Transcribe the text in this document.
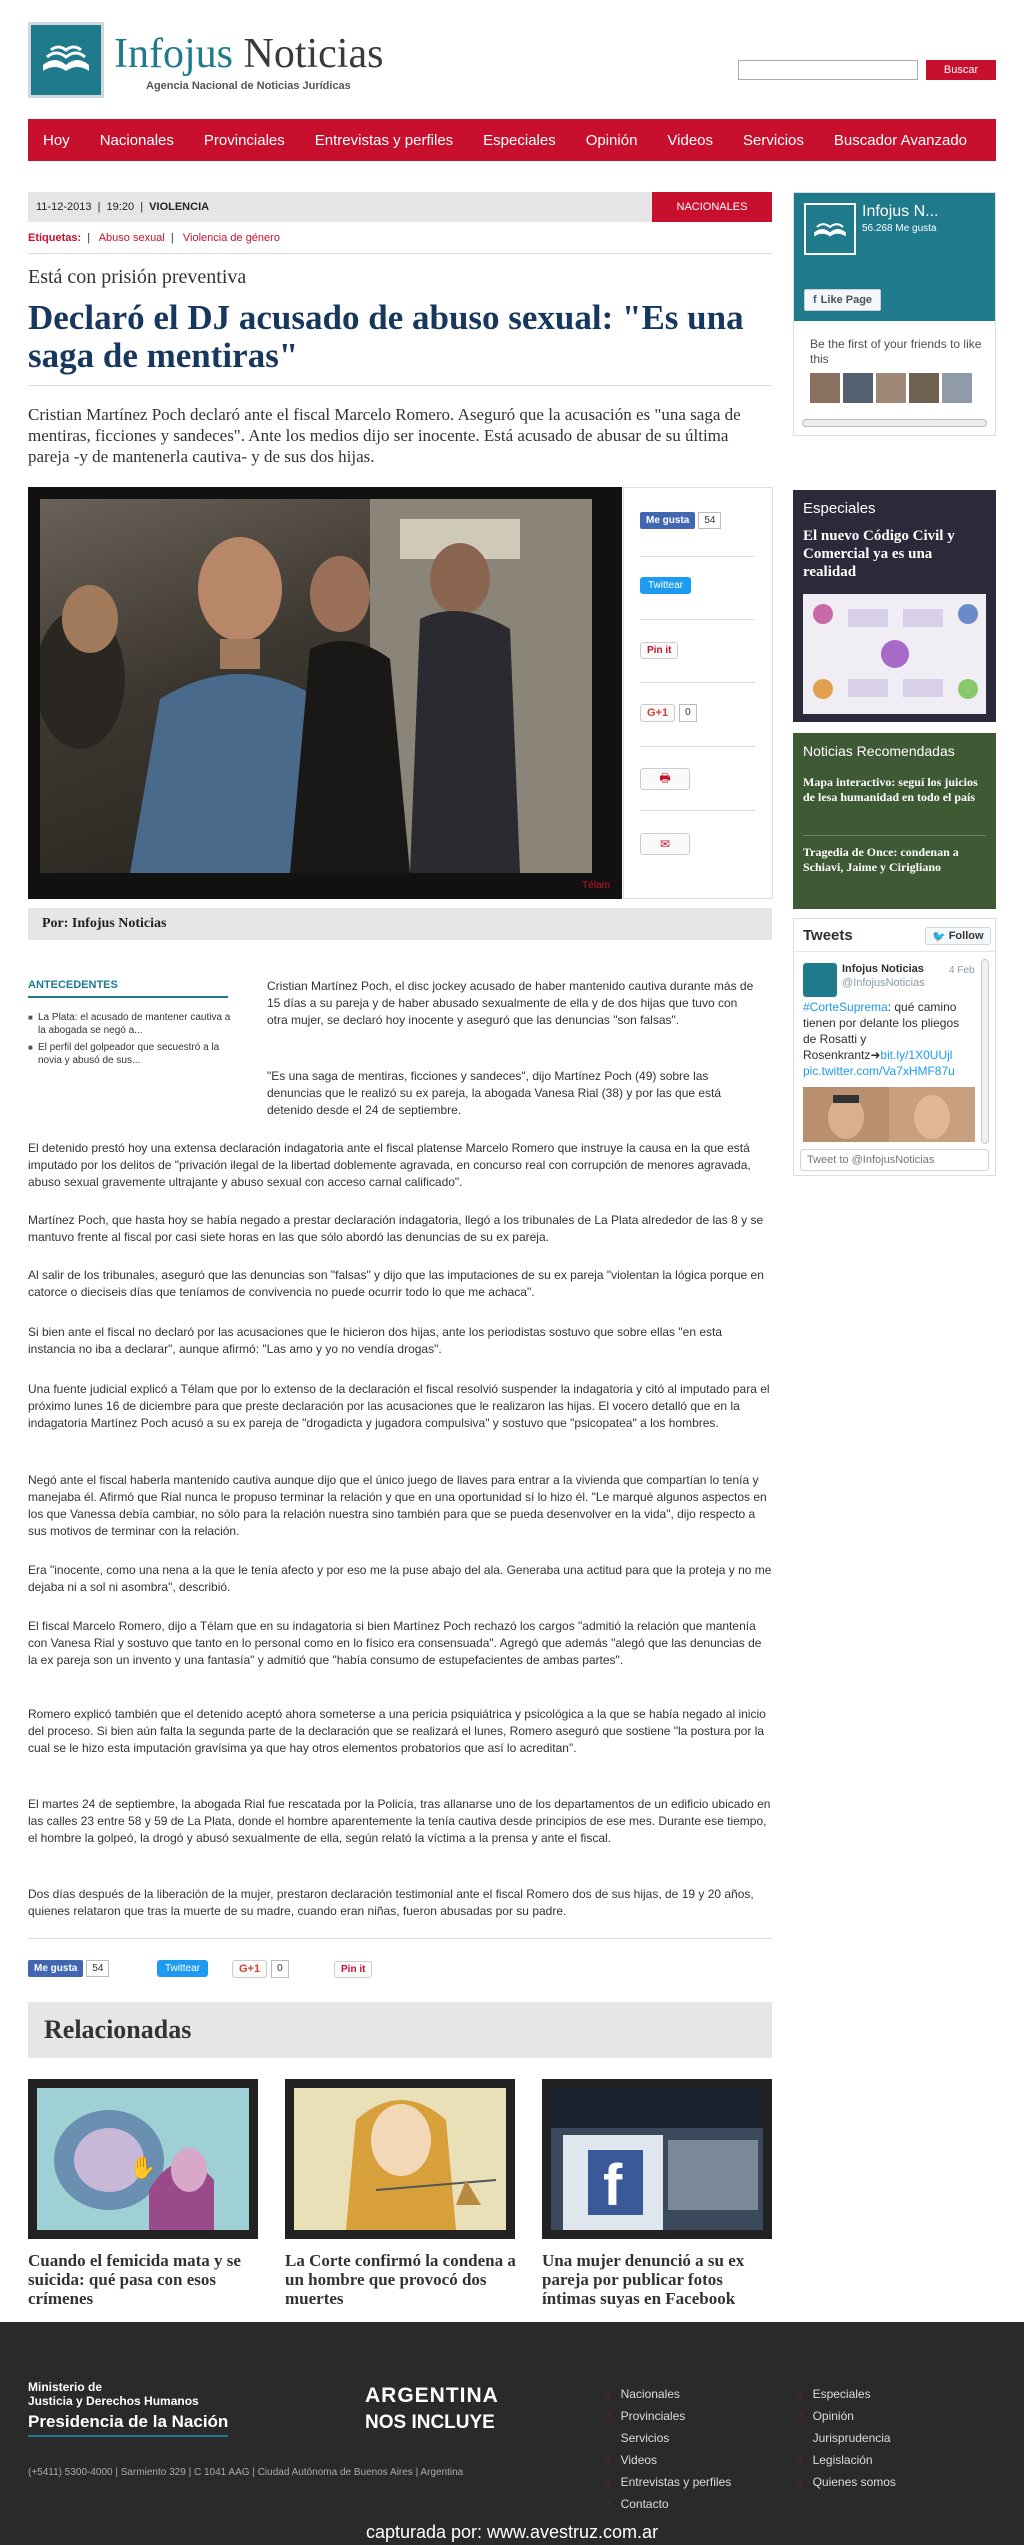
Infojus Noticias
Agencia Nacional de Noticias Jurídicas
Buscar
Hoy	Nacionales	Provinciales	Entrevistas y perfiles	Especiales	Opinión	Videos	Servicios	Buscador Avanzado
11-12-2013 | 19:20 | VIOLENCIA	NACIONALES
Etiquetas:  |   Abuso sexual  |   Violencia de género
Está con prisión preventiva
Declaró el DJ acusado de abuso sexual: "Es una saga de mentiras"

Cristian Martínez Poch declaró ante el fiscal Marcelo Romero. Aseguró que la acusación es "una saga de mentiras, ficciones y sandeces". Ante los medios dijo ser inocente. Está acusado de abusar de su última pareja -y de mantenerla cautiva- y de sus dos hijas.

Télam
Me gusta	54
Twittear
Pin it
G+1	0
🖶
✉
Por: Infojus Noticias
ANTECEDENTES
■ La Plata: el acusado de mantener cautiva a la abogada se negó a...
■ El perfil del golpeador que secuestró a la novia y abusó de sus...

Cristian Martínez Poch, el disc jockey acusado de haber mantenido cautiva durante más de 15 días a su pareja y de haber abusado sexualmente de ella y de dos hijas que tuvo con otra mujer, se declaró hoy inocente y aseguró que las denuncias "son falsas".

"Es una saga de mentiras, ficciones y sandeces", dijo Martínez Poch (49) sobre las denuncias que le realizó su ex pareja, la abogada Vanesa Rial (38) y por las que está detenido desde el 24 de septiembre.

El detenido prestó hoy una extensa declaración indagatoria ante el fiscal platense Marcelo Romero que instruye la causa en la que está imputado por los delitos de "privación ilegal de la libertad doblemente agravada, en concurso real con corrupción de menores agravada, abuso sexual gravemente ultrajante y abuso sexual con acceso carnal calificado".

Martínez Poch, que hasta hoy se había negado a prestar declaración indagatoria, llegó a los tribunales de La Plata alrededor de las 8 y se mantuvo frente al fiscal por casi siete horas en las que sólo abordó las denuncias de su ex pareja.

Al salir de los tribunales, aseguró que las denuncias son "falsas" y dijo que las imputaciones de su ex pareja "violentan la lógica porque en catorce o dieciseis días que teníamos de convivencia no puede ocurrir todo lo que me achaca".

Si bien ante el fiscal no declaró por las acusaciones que le hicieron dos hijas, ante los periodistas sostuvo que sobre ellas "en esta instancia no iba a declarar", aunque afirmó: "Las amo y yo no vendía drogas".

Una fuente judicial explicó a Télam que por lo extenso de la declaración el fiscal resolvió suspender la indagatoria y citó al imputado para el próximo lunes 16 de diciembre para que preste declaración por las acusaciones que le realizaron las hijas. El vocero detalló que en la indagatoria Martínez Poch acusó a su ex pareja de "drogadicta y jugadora compulsiva" y sostuvo que "psicopatea" a los hombres.

Negó ante el fiscal haberla mantenido cautiva aunque dijo que el único juego de llaves para entrar a la vivienda que compartían lo tenía y manejaba él. Afirmó que Rial nunca le propuso terminar la relación y que en una oportunidad sí lo hizo él. "Le marqué algunos aspectos en los que Vanessa debía cambiar, no sólo para la relación nuestra sino también para que se pueda desenvolver en la vida", dijo respecto a sus motivos de terminar con la relación.

Era "inocente, como una nena a la que le tenía afecto y por eso me la puse abajo del ala. Generaba una actitud para que la proteja y no me dejaba ni a sol ni asombra", describió.

El fiscal Marcelo Romero, dijo a Télam que en su indagatoria si bien Martínez Poch rechazó los cargos "admitió la relación que mantenía con Vanesa Rial y sostuvo que tanto en lo personal como en lo físico era consensuada". Agregó que además "alegó que las denuncias de la ex pareja son un invento y una fantasía" y admitió que "había consumo de estupefacientes de ambas partes".

Romero explicó también que el detenido aceptó ahora someterse a una pericia psiquiátrica y psicológica a la que se había negado al inicio del proceso. Si bien aún falta la segunda parte de la declaración que se realizará el lunes, Romero aseguró que sostiene "la postura por la cual se le hizo esta imputación gravísima ya que hay otros elementos probatorios que así lo acreditan".

El martes 24 de septiembre, la abogada Rial fue rescatada por la Policía, tras allanarse uno de los departamentos de un edificio ubicado en las calles 23 entre 58 y 59 de La Plata, donde el hombre aparentemente la tenía cautiva desde principios de ese mes. Durante ese tiempo, el hombre la golpeó, la drogó y abusó sexualmente de ella, según relató la víctima a la prensa y ante el fiscal.

Dos días después de la liberación de la mujer, prestaron declaración testimonial ante el fiscal Romero dos de sus hijas, de 19 y 20 años, quienes relataron que tras la muerte de su madre, cuando eran niñas, fueron abusadas por su padre.

Me gusta	54	Twittear	G+1	0	Pin it
Relacionadas
✋	f
Cuando el femicida mata y se suicida: qué pasa con esos crímenes
La Corte confirmó la condena a un hombre que provocó dos muertes
Una mujer denunció a su ex pareja por publicar fotos íntimas suyas en Facebook
Infojus N...
56.268 Me gusta
f Like Page
Be the first of your friends to like this
Especiales
El nuevo Código Civil y Comercial ya es una realidad
Noticias Recomendadas
Mapa interactivo: seguí los juicios de lesa humanidad en todo el país
Tragedia de Once: condenan a Schiavi, Jaime y Cirigliano
Tweets	🐦 Follow
Infojus Noticias	4 Feb
@InfojusNoticias
#CorteSuprema: qué camino tienen por delante los pliegos de Rosatti y Rosenkrantz➜bit.ly/1X0UUjl pic.twitter.com/Va7xHMF87u
Tweet to @InfojusNoticias
Ministerio de
Justicia y Derechos Humanos
Presidencia de la Nación
ARGENTINA
NOS INCLUYE
(+5411) 5300-4000 | Sarmiento 329 | C 1041 AAG | Ciudad Autónoma de Buenos Aires | Argentina
:: Nacionales
:: Provinciales
:: Servicios
:: Videos
:: Entrevistas y perfiles
:: Contacto
:: Especiales
:: Opinión
:: Jurisprudencia
:: Legislación
:: Quienes somos
capturada por: www.avestruz.com.ar
